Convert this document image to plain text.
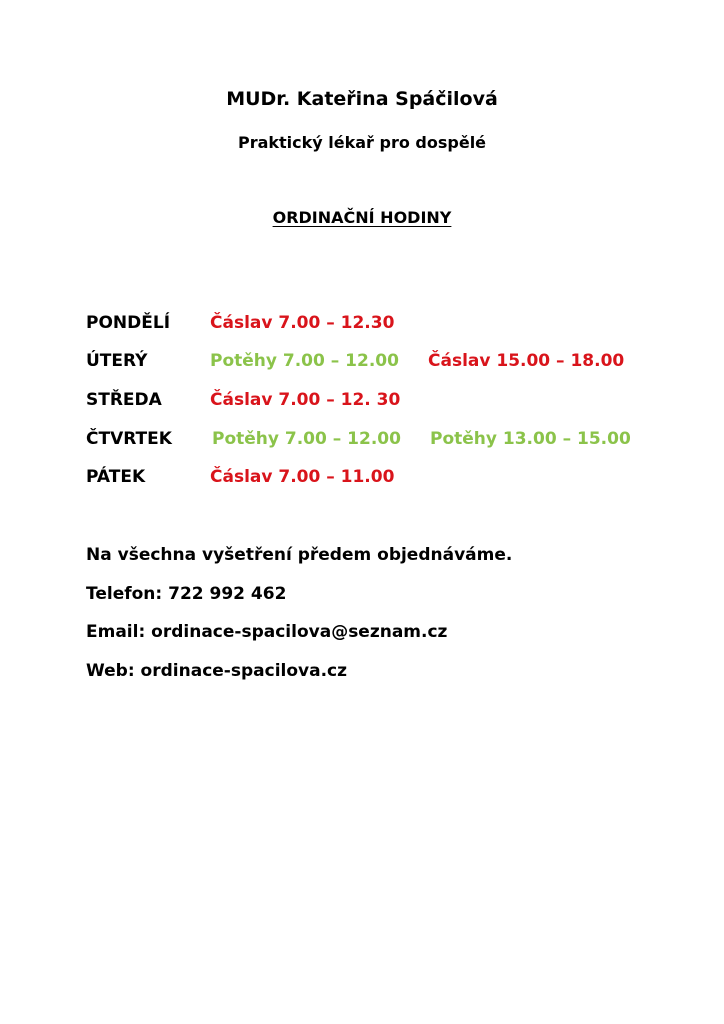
MUDr. Kateřina Spáčilová
Praktický lékař pro dospělé
ORDINAČNÍ HODINY
PONDĚLÍ Čáslav 7.00 – 12.30
ÚTERÝ	Potěhy 7.00 – 12.00 Čáslav 15.00 – 18.00
STŘEDA	Čáslav 7.00 – 12. 30
ČTVRTEK Potěhy 7.00 – 12.00 Potěhy 13.00 – 15.00
PÁTEK	Čáslav 7.00 – 11.00
Na všechna vyšetření předem objednáváme.
Telefon: 722 992 462
Email: ordinace-spacilova@seznam.cz
Web: ordinace-spacilova.cz
